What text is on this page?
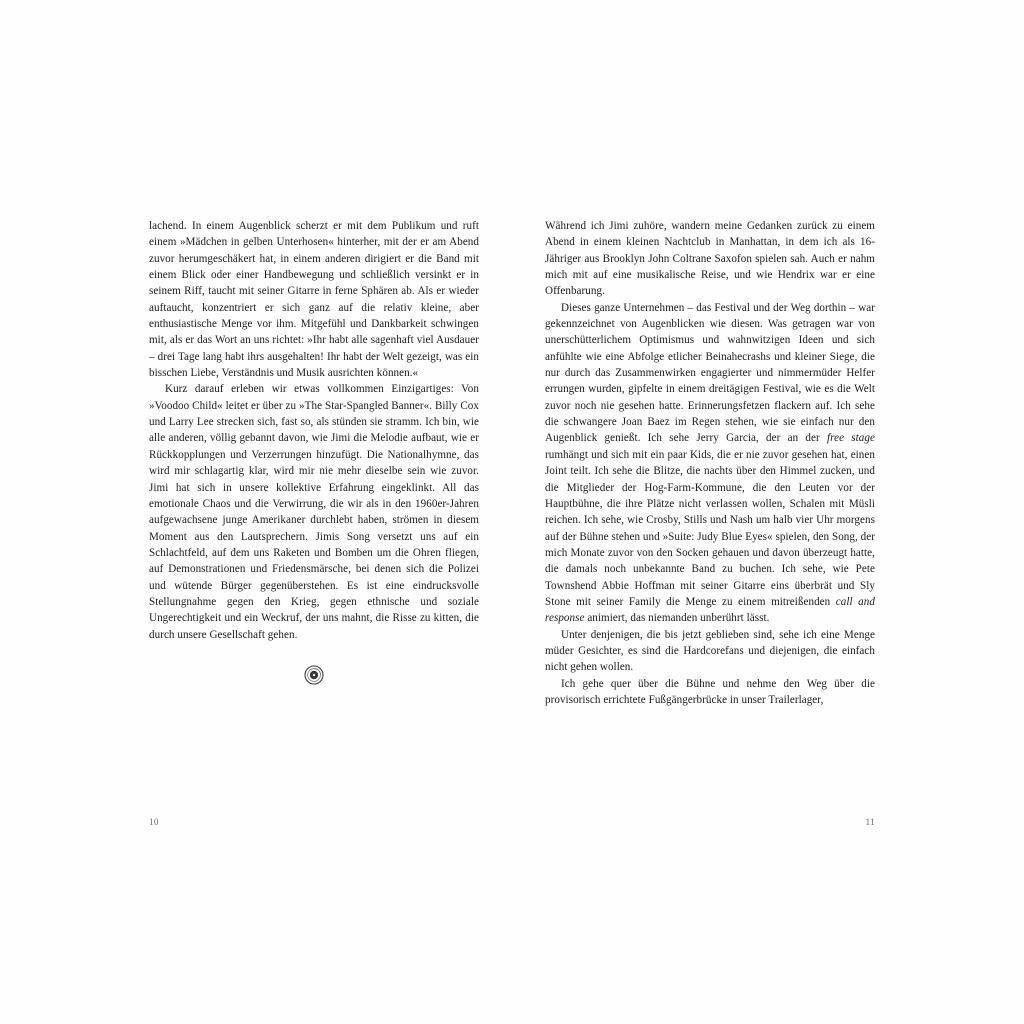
lachend. In einem Augenblick scherzt er mit dem Publikum und ruft einem »Mädchen in gelben Unterhosen« hinterher, mit der er am Abend zuvor herumgeschäkert hat, in einem anderen dirigiert er die Band mit einem Blick oder einer Handbewegung und schließlich versinkt er in seinem Riff, taucht mit seiner Gitarre in ferne Sphären ab. Als er wieder auftaucht, konzentriert er sich ganz auf die relativ kleine, aber enthusiastische Menge vor ihm. Mitgefühl und Dankbarkeit schwingen mit, als er das Wort an uns richtet: »Ihr habt alle sagenhaft viel Ausdauer – drei Tage lang habt ihrs ausgehalten! Ihr habt der Welt gezeigt, was ein bisschen Liebe, Verständnis und Musik ausrichten können.«

Kurz darauf erleben wir etwas vollkommen Einzigartiges: Von »Voodoo Child« leitet er über zu »The Star-Spangled Banner«. Billy Cox und Larry Lee strecken sich, fast so, als stünden sie stramm. Ich bin, wie alle anderen, völlig gebannt davon, wie Jimi die Melodie aufbaut, wie er Rückkopplungen und Verzerrungen hinzufügt. Die Nationalhymne, das wird mir schlagartig klar, wird mir nie mehr dieselbe sein wie zuvor. Jimi hat sich in unsere kollektive Erfahrung eingeklinkt. All das emotionale Chaos und die Verwirrung, die wir als in den 1960er-Jahren aufgewachsene junge Amerikaner durchlebt haben, strömen in diesem Moment aus den Lautsprechern. Jimis Song versetzt uns auf ein Schlachtfeld, auf dem uns Raketen und Bomben um die Ohren fliegen, auf Demonstrationen und Friedensmärsche, bei denen sich die Polizei und wütende Bürger gegenüberstehen. Es ist eine eindrucksvolle Stellungnahme gegen den Krieg, gegen ethnische und soziale Ungerechtigkeit und ein Weckruf, der uns mahnt, die Risse zu kitten, die durch unsere Gesellschaft gehen.

10

Während ich Jimi zuhöre, wandern meine Gedanken zurück zu einem Abend in einem kleinen Nachtclub in Manhattan, in dem ich als 16-Jähriger aus Brooklyn John Coltrane Saxofon spielen sah. Auch er nahm mich mit auf eine musikalische Reise, und wie Hendrix war er eine Offenbarung.

Dieses ganze Unternehmen – das Festival und der Weg dorthin – war gekennzeichnet von Augenblicken wie diesen. Was getragen war von unerschütterlichem Optimismus und wahnwitzigen Ideen und sich anfühlte wie eine Abfolge etlicher Beinahecrashs und kleiner Siege, die nur durch das Zusammenwirken engagierter und nimmermüder Helfer errungen wurden, gipfelte in einem dreitägigen Festival, wie es die Welt zuvor noch nie gesehen hatte. Erinnerungsfetzen flackern auf. Ich sehe die schwangere Joan Baez im Regen stehen, wie sie einfach nur den Augenblick genießt. Ich sehe Jerry Garcia, der an der free stage rumhängt und sich mit ein paar Kids, die er nie zuvor gesehen hat, einen Joint teilt. Ich sehe die Blitze, die nachts über den Himmel zucken, und die Mitglieder der Hog-Farm-Kommune, die den Leuten vor der Hauptbühne, die ihre Plätze nicht verlassen wollen, Schalen mit Müsli reichen. Ich sehe, wie Crosby, Stills und Nash um halb vier Uhr morgens auf der Bühne stehen und »Suite: Judy Blue Eyes« spielen, den Song, der mich Monate zuvor von den Socken gehauen und davon überzeugt hatte, die damals noch unbekannte Band zu buchen. Ich sehe, wie Pete Townshend Abbie Hoffman mit seiner Gitarre eins überbrät und Sly Stone mit seiner Family die Menge zu einem mitreißenden call and response animiert, das niemanden unberührt lässt.

Unter denjenigen, die bis jetzt geblieben sind, sehe ich eine Menge müder Gesichter, es sind die Hardcorefans und diejenigen, die einfach nicht gehen wollen.

Ich gehe quer über die Bühne und nehme den Weg über die provisorisch errichtete Fußgängerbrücke in unser Trailerlager,

11
